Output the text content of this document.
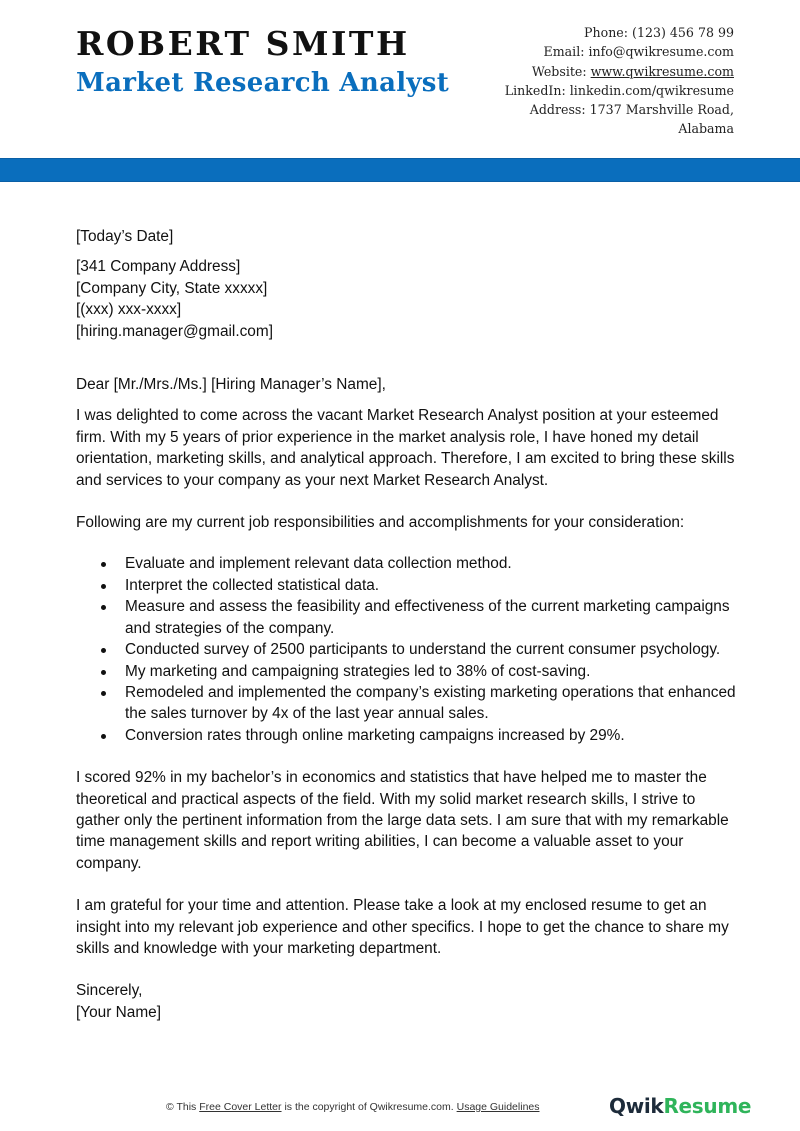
ROBERT SMITH
Market Research Analyst
Phone: (123) 456 78 99
Email: info@qwikresume.com
Website: www.qwikresume.com
LinkedIn: linkedin.com/qwikresume
Address: 1737 Marshville Road,
Alabama

[Today’s Date]

[341 Company Address]

[Company City, State xxxxx]

[(xxx) xxx-xxxx]

[hiring.manager@gmail.com]

Dear [Mr./Mrs./Ms.] [Hiring Manager’s Name],

I was delighted to come across the vacant Market Research Analyst position at your esteemed firm. With my 5 years of prior experience in the market analysis role, I have honed my detail orientation, marketing skills, and analytical approach. Therefore, I am excited to bring these skills and services to your company as your next Market Research Analyst.

Following are my current job responsibilities and accomplishments for your consideration:

Evaluate and implement relevant data collection method.
Interpret the collected statistical data.
Measure and assess the feasibility and effectiveness of the current marketing campaigns and strategies of the company.
Conducted survey of 2500 participants to understand the current consumer psychology.
My marketing and campaigning strategies led to 38% of cost-saving.
Remodeled and implemented the company’s existing marketing operations that enhanced the sales turnover by 4x of the last year annual sales.
Conversion rates through online marketing campaigns increased by 29%.

I scored 92% in my bachelor’s in economics and statistics that have helped me to master the theoretical and practical aspects of the field. With my solid market research skills, I strive to gather only the pertinent information from the large data sets. I am sure that with my remarkable time management skills and report writing abilities, I can become a valuable asset to your company.

I am grateful for your time and attention. Please take a look at my enclosed resume to get an insight into my relevant job experience and other specifics. I hope to get the chance to share my skills and knowledge with your marketing department.

Sincerely,

[Your Name]

© This Free Cover Letter is the copyright of Qwikresume.com. Usage Guidelines	QwikResume
